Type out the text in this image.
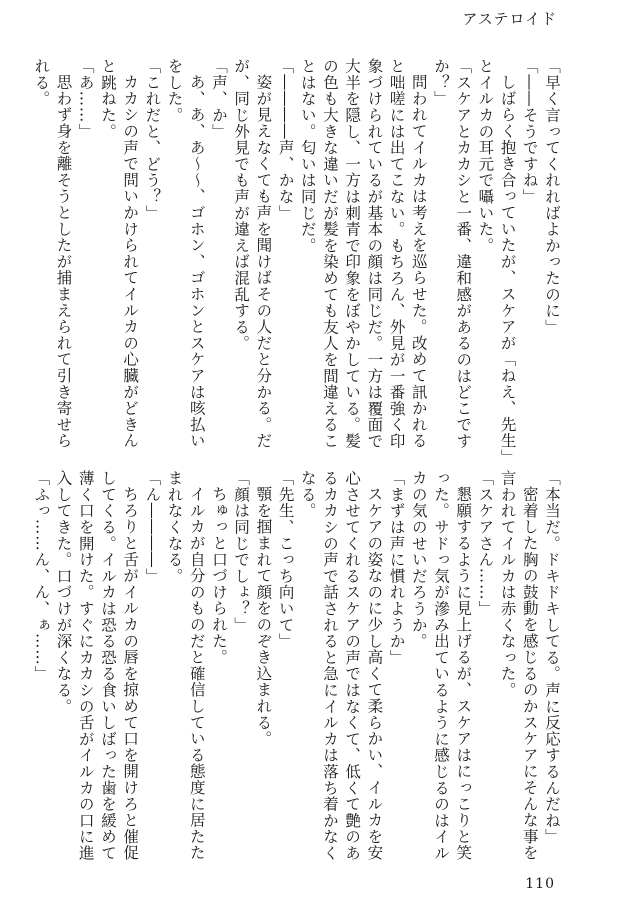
アステロイド
「早く言ってくれればよかったのに」
「――そうですね」
しばらく抱き合っていたが、スケアが「ねえ、先生」
とイルカの耳元で囁いた。
「スケアとカカシと一番、違和感があるのはどこです
か？」
問われてイルカは考えを巡らせた。改めて訊かれる
と咄嗟には出てこない。もちろん、外見が一番強く印
象づけられているが基本の顔は同じだ。一方は覆面で
大半を隠し、一方は刺青で印象をぼやかしている。髪
の色も大きな違いだが髪を染めても友人を間違えるこ
とはない。匂いは同じだ。
「――――声、かな」
姿が見えなくても声を聞けばその人だと分かる。だ
が、同じ外見でも声が違えば混乱する。
「声、か」
あ、あ、あ～～、ゴホン、ゴホンとスケアは咳払い
をした。
「これだと、どう？」
カカシの声で問いかけられてイルカの心臓がどきん
と跳ねた。
「あ……」
思わず身を離そうとしたが捕まえられて引き寄せら
れる。
「本当だ。ドキドキしてる。声に反応するんだね」
密着した胸の鼓動を感じるのかスケアにそんな事を
言われてイルカは赤くなった。
「スケアさん……」
懇願するように見上げるが、スケアはにっこりと笑
った。サドっ気が滲み出ているように感じるのはイル
カの気のせいだろうか。
「まずは声に慣れようか」
スケアの姿なのに少し高くて柔らかい、イルカを安
心させてくれるスケアの声ではなくて、低くて艶のあ
るカカシの声で話されると急にイルカは落ち着かなく
なる。
「先生、こっち向いて」
顎を掴まれて顔をのぞき込まれる。
「顔は同じでしょ？」
ちゅっと口づけられた。
イルカが自分のものだと確信している態度に居たた
まれなくなる。
「ん――――」
ちろりと舌がイルカの唇を掠めて口を開けろと催促
してくる。イルカは恐る恐る食いしばった歯を緩めて
薄く口を開けた。すぐにカカシの舌がイルカの口に進
入してきた。口づけが深くなる。
「ふっ……ん、ん、ぁ……」
110
